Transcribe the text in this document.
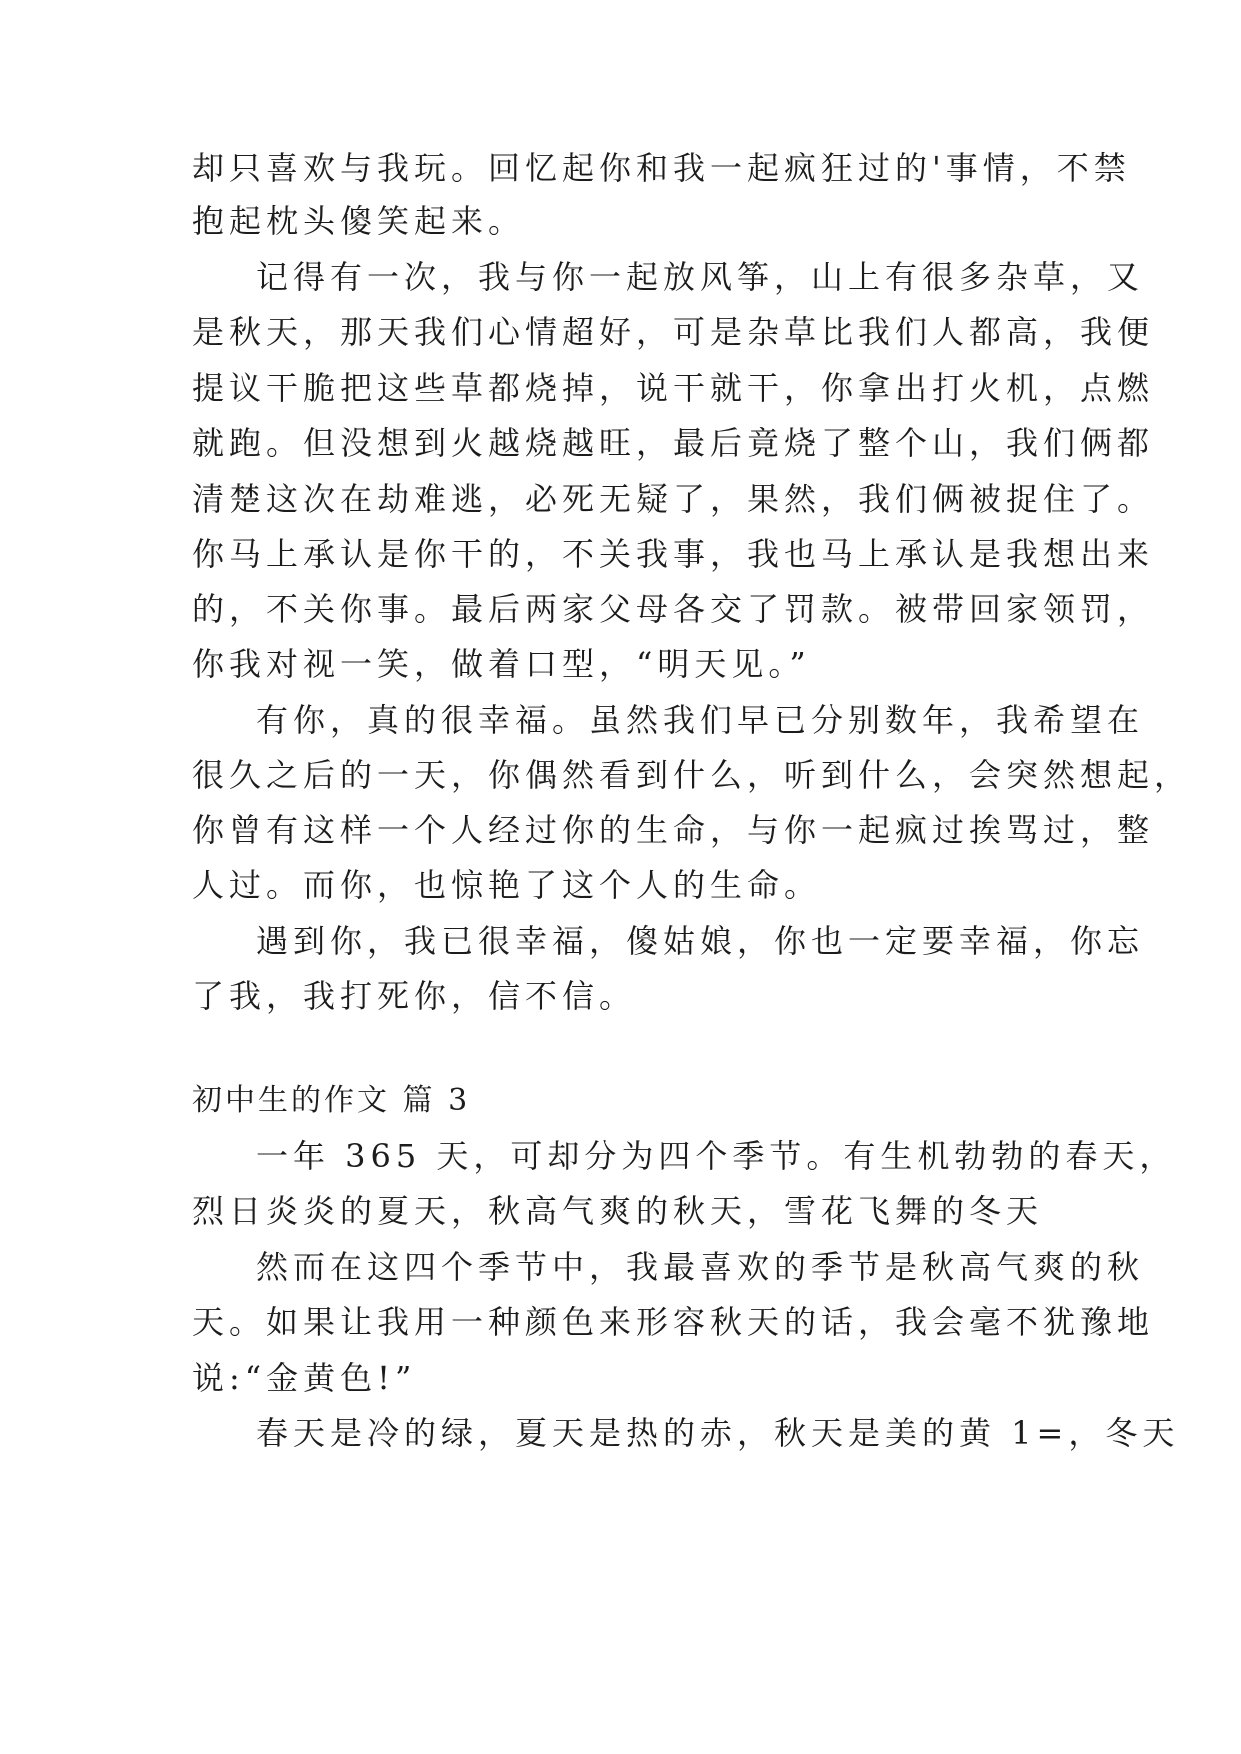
却只喜欢与我玩。回忆起你和我一起疯狂过的'事情，不禁

抱起枕头傻笑起来。

记得有一次，我与你一起放风筝，山上有很多杂草，又

是秋天，那天我们心情超好，可是杂草比我们人都高，我便

提议干脆把这些草都烧掉，说干就干，你拿出打火机，点燃

就跑。但没想到火越烧越旺，最后竟烧了整个山，我们俩都

清楚这次在劫难逃，必死无疑了，果然，我们俩被捉住了。

你马上承认是你干的，不关我事，我也马上承认是我想出来

的，不关你事。最后两家父母各交了罚款。被带回家领罚，

你我对视一笑，做着口型，“明天见。”

有你，真的很幸福。虽然我们早已分别数年，我希望在

很久之后的一天，你偶然看到什么，听到什么，会突然想起，

你曾有这样一个人经过你的生命，与你一起疯过挨骂过，整

人过。而你，也惊艳了这个人的生命。

遇到你，我已很幸福，傻姑娘，你也一定要幸福，你忘

了我，我打死你，信不信。

初中生的作文 篇 3

一年 365 天，可却分为四个季节。有生机勃勃的春天，

烈日炎炎的夏天，秋高气爽的秋天，雪花飞舞的冬天

然而在这四个季节中，我最喜欢的季节是秋高气爽的秋

天。如果让我用一种颜色来形容秋天的话，我会毫不犹豫地

说:“金黄色!”

春天是冷的绿，夏天是热的赤，秋天是美的黄 1=，冬天
